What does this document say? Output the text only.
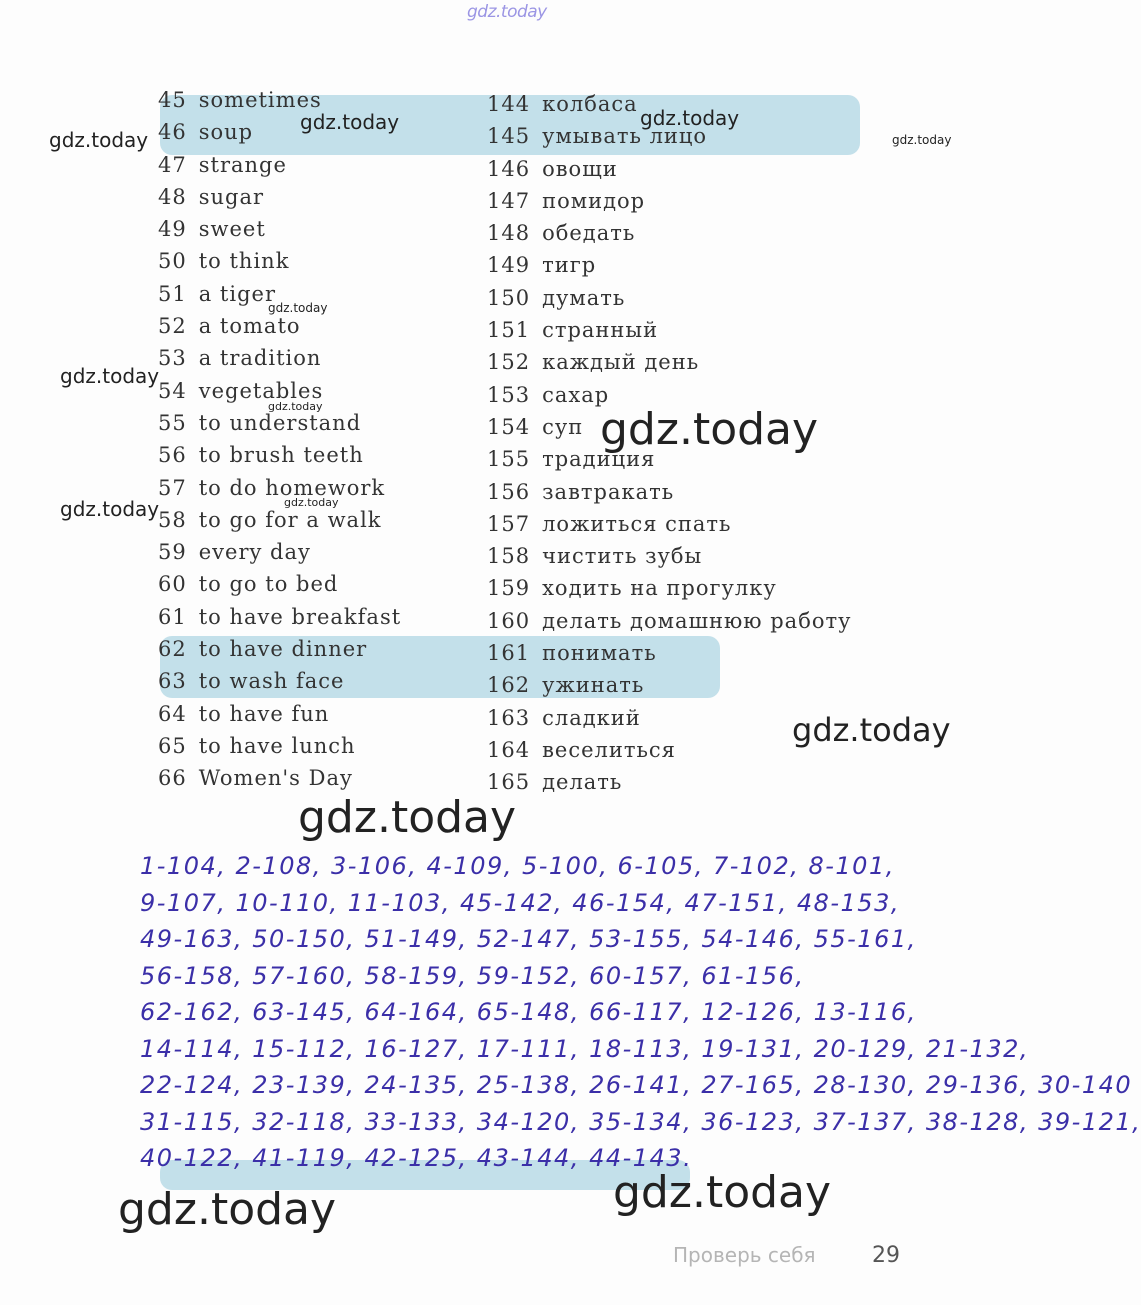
gdz.today
45 sometimes
46 soup
47 strange
48 sugar
49 sweet
50 to think
51 a tiger
52 a tomato
53 a tradition
54 vegetables
55 to understand
56 to brush teeth
57 to do homework
58 to go for a walk
59 every day
60 to go to bed
61 to have breakfast
62 to have dinner
63 to wash face
64 to have fun
65 to have lunch
66 Women's Day
144 колбаса
145 умывать лицо
146 овощи
147 помидор
148 обедать
149 тигр
150 думать
151 странный
152 каждый день
153 сахар
154 суп
155 традиция
156 завтракать
157 ложиться спать
158 чистить зубы
159 ходить на прогулку
160 делать домашнюю работу
161 понимать
162 ужинать
163 сладкий
164 веселиться
165 делать
1-104, 2-108, 3-106, 4-109, 5-100, 6-105, 7-102, 8-101,
9-107, 10-110, 11-103, 45-142, 46-154, 47-151, 48-153,
49-163, 50-150, 51-149, 52-147, 53-155, 54-146, 55-161,
56-158, 57-160, 58-159, 59-152, 60-157, 61-156,
62-162, 63-145, 64-164, 65-148, 66-117, 12-126, 13-116,
14-114, 15-112, 16-127, 17-111, 18-113, 19-131, 20-129, 21-132,
22-124, 23-139, 24-135, 25-138, 26-141, 27-165, 28-130, 29-136, 30-140
31-115, 32-118, 33-133, 34-120, 35-134, 36-123, 37-137, 38-128, 39-121,
40-122, 41-119, 42-125, 43-144, 44-143.
gdz.today
gdz.today	gdz.today
gdz.today
gdz.today
gdz.today
gdz.today	gdz.today
gdz.today	gdz.today
gdz.today
gdz.today
gdz.today
gdz.today
Проверь себя	29
